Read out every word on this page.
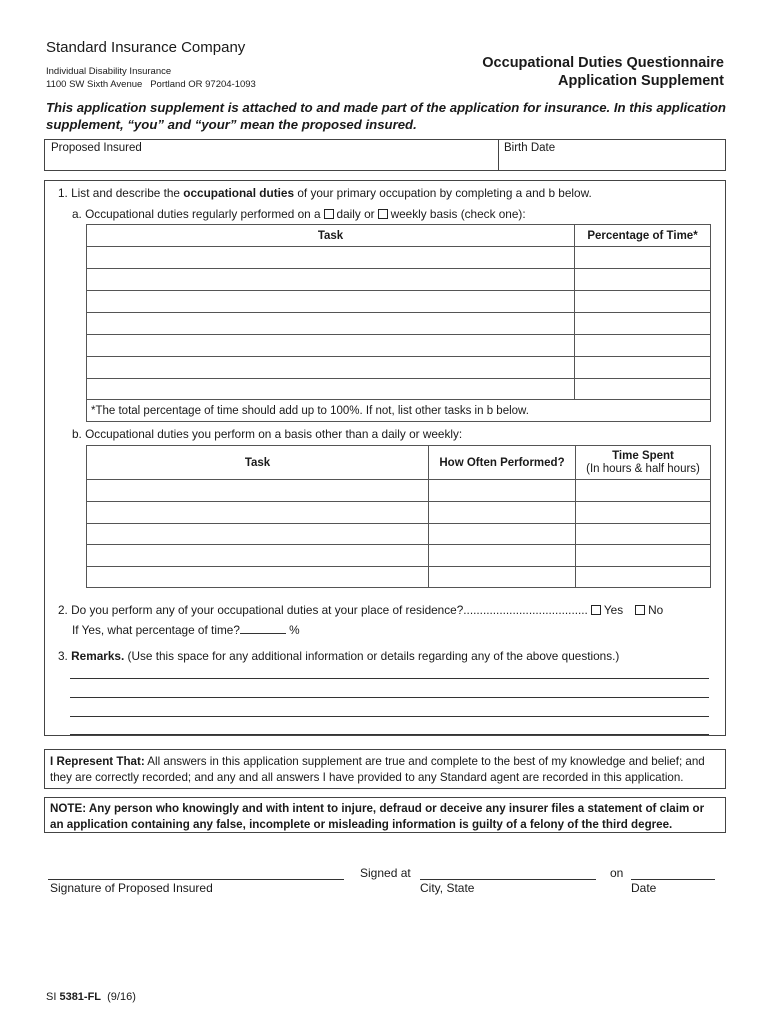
Standard Insurance Company
Individual Disability Insurance
1100 SW Sixth Avenue   Portland OR 97204-1093
Occupational Duties Questionnaire
Application Supplement
This application supplement is attached to and made part of the application for insurance. In this application supplement, “you” and “your” mean the proposed insured.
Proposed Insured	Birth Date
1. List and describe the occupational duties of your primary occupation by completing a and b below.
a. Occupational duties regularly performed on a daily or weekly basis (check one):
Task	Percentage of Time*

*The total percentage of time should add up to 100%. If not, list other tasks in b below.	
b. Occupational duties you perform on a basis other than a daily or weekly:
Task	How Often Performed?	Time Spent
(In hours & half hours)

2. Do you perform any of your occupational duties at your place of residence?...................................... Yes No
If Yes, what percentage of time?	%
3. Remarks. (Use this space for any additional information or details regarding any of the above questions.)
I Represent That: All answers in this application supplement are true and complete to the best of my knowledge and belief; and they are correctly recorded; and any and all answers I have provided to any Standard agent are recorded in this application.
NOTE: Any person who knowingly and with intent to injure, defraud or deceive any insurer files a statement of claim or an application containing any false, incomplete or misleading information is guilty of a felony of the third degree.
Signed at	on
Signature of Proposed Insured	City, State	Date
SI 5381-FL  (9/16)
